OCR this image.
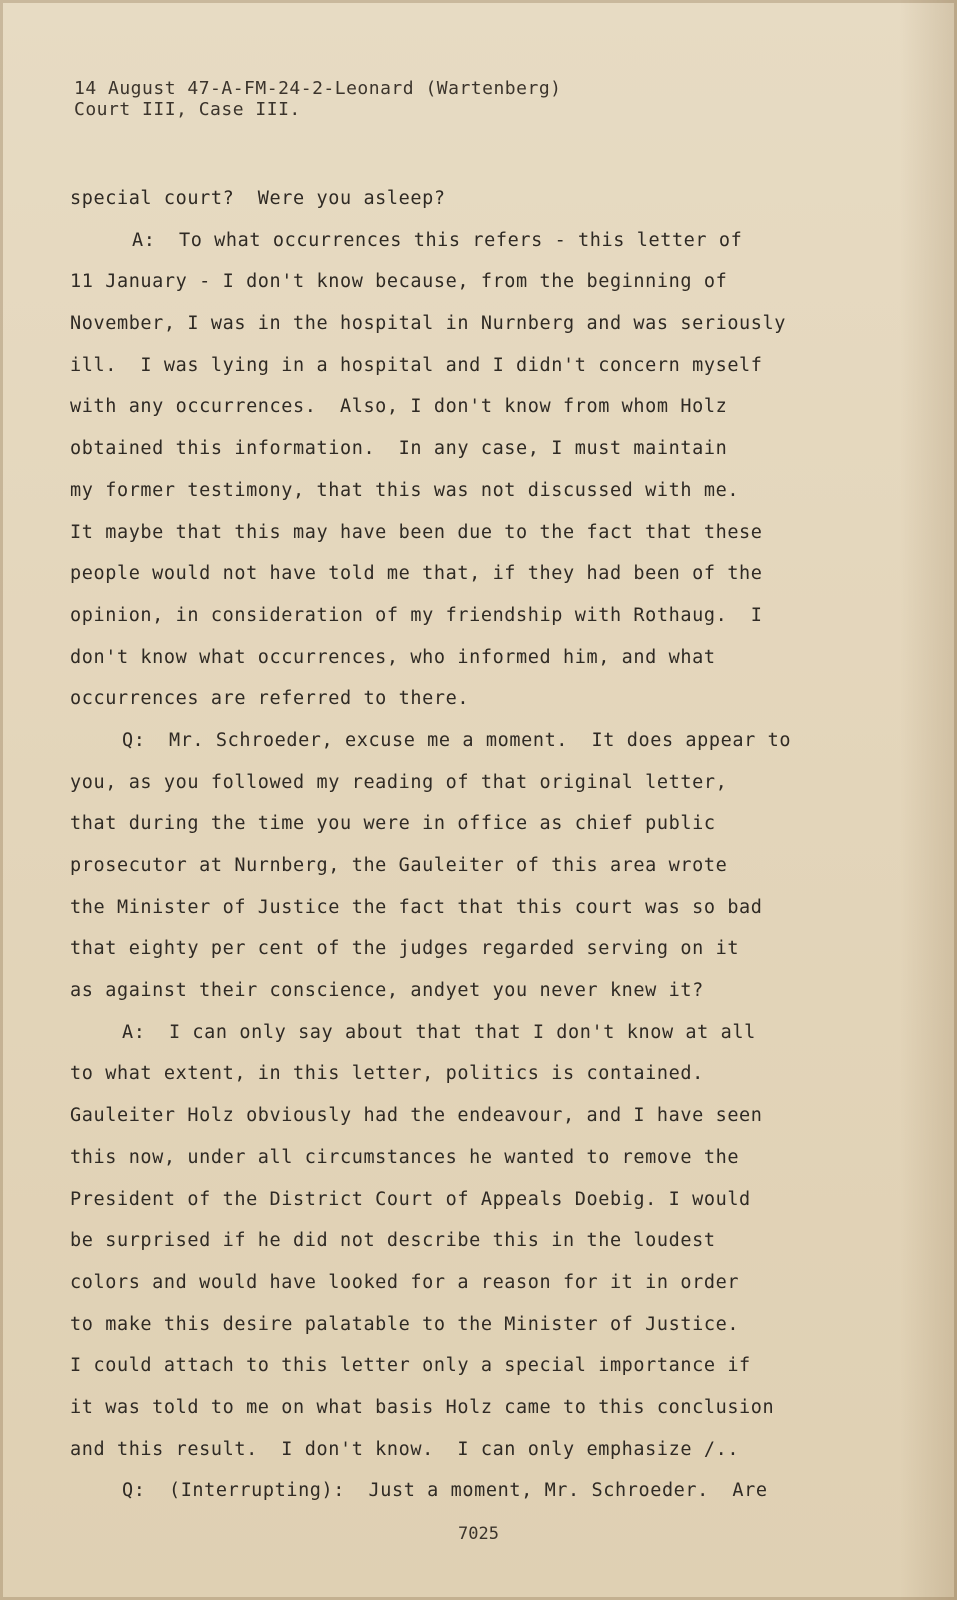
14 August 47-A-FM-24-2-Leonard (Wartenberg)
Court III, Case III.
special court?  Were you asleep?
A:  To what occurrences this refers - this letter of
11 January - I don't know because, from the beginning of
November, I was in the hospital in Nurnberg and was seriously
ill.  I was lying in a hospital and I didn't concern myself
with any occurrences.  Also, I don't know from whom Holz
obtained this information.  In any case, I must maintain
my former testimony, that this was not discussed with me.
It maybe that this may have been due to the fact that these
people would not have told me that, if they had been of the
opinion, in consideration of my friendship with Rothaug.  I
don't know what occurrences, who informed him, and what
occurrences are referred to there.
Q:  Mr. Schroeder, excuse me a moment.  It does appear to
you, as you followed my reading of that original letter,
that during the time you were in office as chief public
prosecutor at Nurnberg, the Gauleiter of this area wrote
the Minister of Justice the fact that this court was so bad
that eighty per cent of the judges regarded serving on it
as against their conscience, andyet you never knew it?
A:  I can only say about that that I don't know at all
to what extent, in this letter, politics is contained.
Gauleiter Holz obviously had the endeavour, and I have seen
this now, under all circumstances he wanted to remove the
President of the District Court of Appeals Doebig. I would
be surprised if he did not describe this in the loudest
colors and would have looked for a reason for it in order
to make this desire palatable to the Minister of Justice.
I could attach to this letter only a special importance if
it was told to me on what basis Holz came to this conclusion
and this result.  I don't know.  I can only emphasize /..
Q:  (Interrupting):  Just a moment, Mr. Schroeder.  Are
7025
